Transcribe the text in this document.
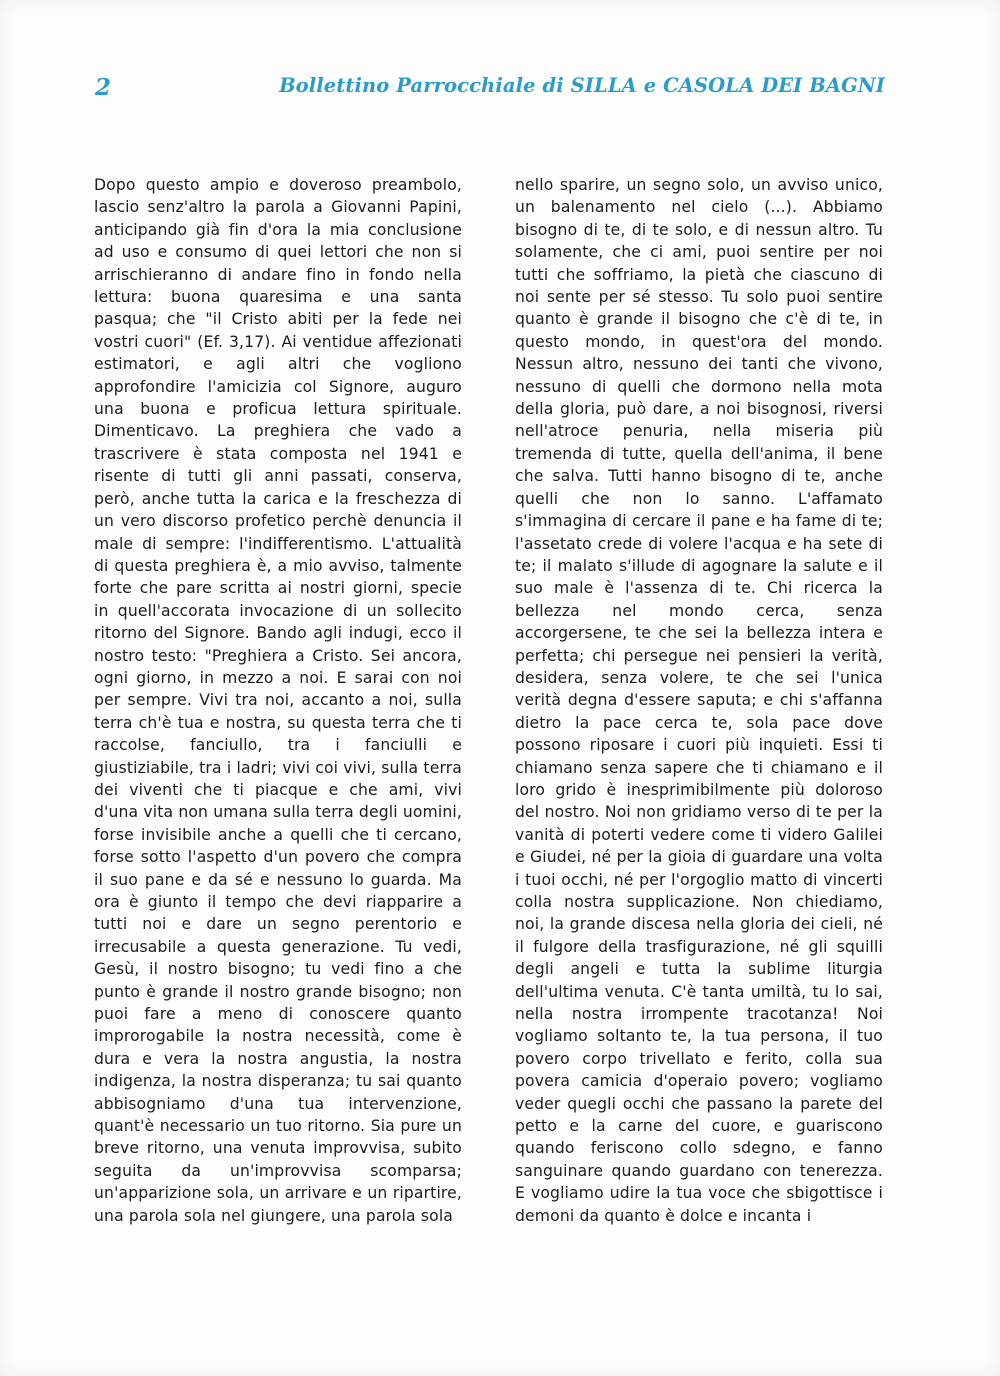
2	Bollettino Parrocchiale di SILLA e CASOLA DEI BAGNI

Dopo questo ampio e doveroso preambolo, lascio senz'altro la parola a Giovanni Papini, anticipando già fin d'ora la mia conclusione ad uso e consumo di quei lettori che non si arrischieranno di andare fino in fondo nella lettura: buona quaresima e una santa pasqua; che "il Cristo abiti per la fede nei vostri cuori" (Ef. 3,17). Ai ventidue affezionati estimatori, e agli altri che vogliono approfondire l'amicizia col Signore, auguro una buona e proficua lettura spirituale. Dimenticavo. La preghiera che vado a trascrivere è stata composta nel 1941 e risente di tutti gli anni passati, conserva, però, anche tutta la carica e la freschezza di un vero discorso profetico perchè denuncia il male di sempre: l'indifferentismo. L'attualità di questa preghiera è, a mio avviso, talmente forte che pare scritta ai nostri giorni, specie in quell'accorata invocazione di un sollecito ritorno del Signore. Bando agli indugi, ecco il nostro testo: "Preghiera a Cristo. Sei ancora, ogni giorno, in mezzo a noi. E sarai con noi per sempre. Vivi tra noi, accanto a noi, sulla terra ch'è tua e nostra, su questa terra che ti raccolse, fanciullo, tra i fanciulli e giustiziabile, tra i ladri; vivi coi vivi, sulla terra dei viventi che ti piacque e che ami, vivi d'una vita non umana sulla terra degli uomini, forse invisibile anche a quelli che ti cercano, forse sotto l'aspetto d'un povero che compra il suo pane e da sé e nessuno lo guarda. Ma ora è giunto il tempo che devi riapparire a tutti noi e dare un segno perentorio e irrecusabile a questa generazione. Tu vedi, Gesù, il nostro bisogno; tu vedi fino a che punto è grande il nostro grande bisogno; non puoi fare a meno di conoscere quanto improrogabile la nostra necessità, come è dura e vera la nostra angustia, la nostra indigenza, la nostra disperanza; tu sai quanto abbisogniamo d'una tua intervenzione, quant'è necessario un tuo ritorno. Sia pure un breve ritorno, una venuta improvvisa, subito seguita da un'improvvisa scomparsa; un'apparizione sola, un arrivare e un ripartire, una parola sola nel giungere, una parola sola

nello sparire, un segno solo, un avviso unico, un balenamento nel cielo (...). Abbiamo bisogno di te, di te solo, e di nessun altro. Tu solamente, che ci ami, puoi sentire per noi tutti che soffriamo, la pietà che ciascuno di noi sente per sé stesso. Tu solo puoi sentire quanto è grande il bisogno che c'è di te, in questo mondo, in quest'ora del mondo. Nessun altro, nessuno dei tanti che vivono, nessuno di quelli che dormono nella mota della gloria, può dare, a noi bisognosi, riversi nell'atroce penuria, nella miseria più tremenda di tutte, quella dell'anima, il bene che salva. Tutti hanno bisogno di te, anche quelli che non lo sanno. L'affamato s'immagina di cercare il pane e ha fame di te; l'assetato crede di volere l'acqua e ha sete di te; il malato s'illude di agognare la salute e il suo male è l'assenza di te. Chi ricerca la bellezza nel mondo cerca, senza accorgersene, te che sei la bellezza intera e perfetta; chi persegue nei pensieri la verità, desidera, senza volere, te che sei l'unica verità degna d'essere saputa; e chi s'affanna dietro la pace cerca te, sola pace dove possono riposare i cuori più inquieti. Essi ti chiamano senza sapere che ti chiamano e il loro grido è inesprimibilmente più doloroso del nostro. Noi non gridiamo verso di te per la vanità di poterti vedere come ti videro Galilei e Giudei, né per la gioia di guardare una volta i tuoi occhi, né per l'orgoglio matto di vincerti colla nostra supplicazione. Non chiediamo, noi, la grande discesa nella gloria dei cieli, né il fulgore della trasfigurazione, né gli squilli degli angeli e tutta la sublime liturgia dell'ultima venuta. C'è tanta umiltà, tu lo sai, nella nostra irrompente tracotanza! Noi vogliamo soltanto te, la tua persona, il tuo povero corpo trivellato e ferito, colla sua povera camicia d'operaio povero; vogliamo veder quegli occhi che passano la parete del petto e la carne del cuore, e guariscono quando feriscono collo sdegno, e fanno sanguinare quando guardano con tenerezza. E vogliamo udire la tua voce che sbigottisce i demoni da quanto è dolce e incanta i
